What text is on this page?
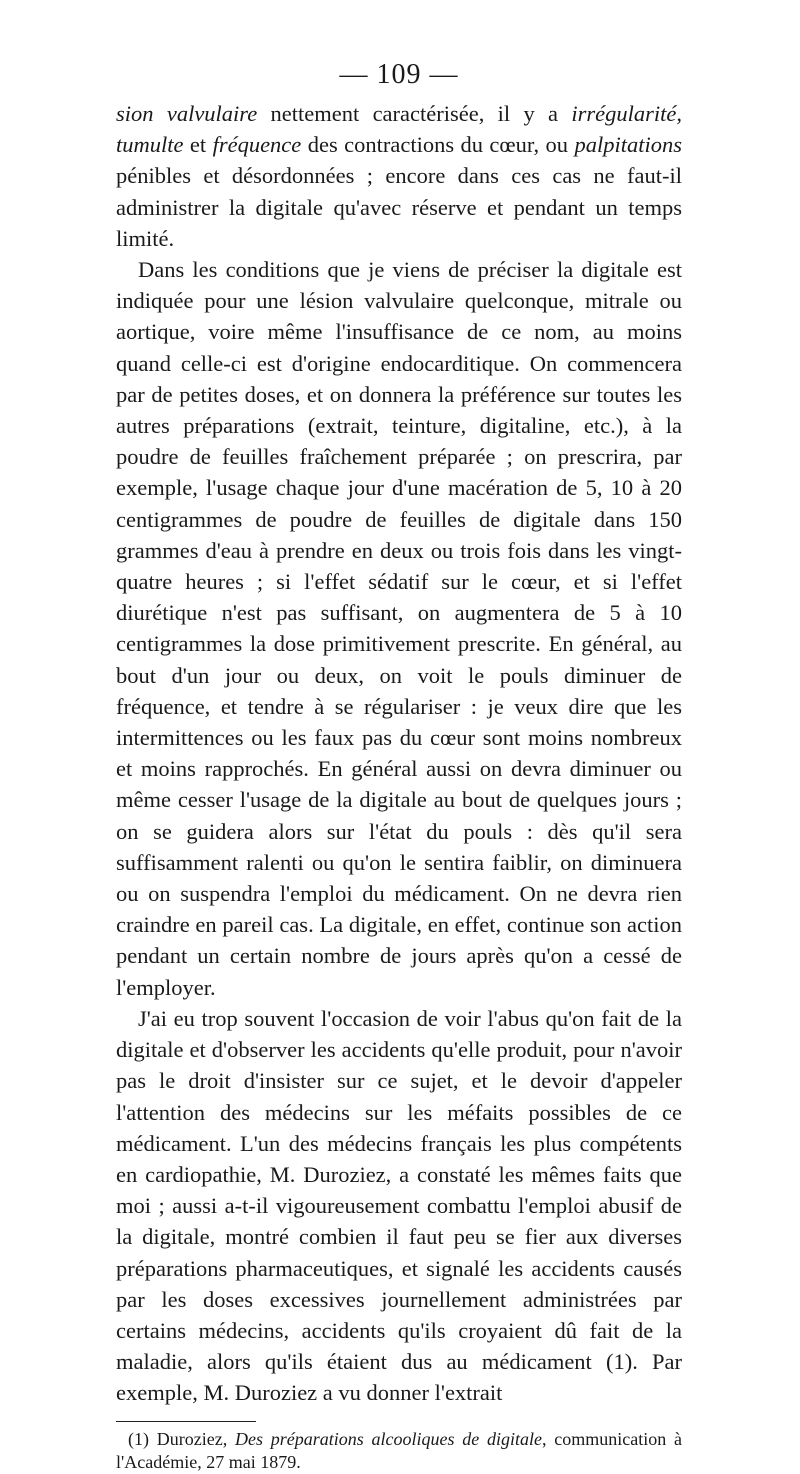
— 109 —

sion valvulaire nettement caractérisée, il y a irrégularité, tumulte et fréquence des contractions du cœur, ou palpitations pénibles et désordonnées ; encore dans ces cas ne faut-il administrer la digitale qu'avec réserve et pendant un temps limité.

Dans les conditions que je viens de préciser la digitale est indiquée pour une lésion valvulaire quelconque, mitrale ou aortique, voire même l'insuffisance de ce nom, au moins quand celle-ci est d'origine endocarditique. On commencera par de petites doses, et on donnera la préférence sur toutes les autres préparations (extrait, teinture, digitaline, etc.), à la poudre de feuilles fraîchement préparée ; on prescrira, par exemple, l'usage chaque jour d'une macération de 5, 10 à 20 centigrammes de poudre de feuilles de digitale dans 150 grammes d'eau à prendre en deux ou trois fois dans les vingt-quatre heures ; si l'effet sédatif sur le cœur, et si l'effet diurétique n'est pas suffisant, on augmentera de 5 à 10 centigrammes la dose primitivement prescrite. En général, au bout d'un jour ou deux, on voit le pouls diminuer de fréquence, et tendre à se régulariser : je veux dire que les intermittences ou les faux pas du cœur sont moins nombreux et moins rapprochés. En général aussi on devra diminuer ou même cesser l'usage de la digitale au bout de quelques jours ; on se guidera alors sur l'état du pouls : dès qu'il sera suffisamment ralenti ou qu'on le sentira faiblir, on diminuera ou on suspendra l'emploi du médicament. On ne devra rien craindre en pareil cas. La digitale, en effet, continue son action pendant un certain nombre de jours après qu'on a cessé de l'employer.

J'ai eu trop souvent l'occasion de voir l'abus qu'on fait de la digitale et d'observer les accidents qu'elle produit, pour n'avoir pas le droit d'insister sur ce sujet, et le devoir d'appeler l'attention des médecins sur les méfaits possibles de ce médicament. L'un des médecins français les plus compétents en cardiopathie, M. Duroziez, a constaté les mêmes faits que moi ; aussi a-t-il vigoureusement combattu l'emploi abusif de la digitale, montré combien il faut peu se fier aux diverses préparations pharmaceutiques, et signalé les accidents causés par les doses excessives journellement administrées par certains médecins, accidents qu'ils croyaient dû fait de la maladie, alors qu'ils étaient dus au médicament (1). Par exemple, M. Duroziez a vu donner l'extrait

(1) Duroziez, Des préparations alcooliques de digitale, communication à l'Académie, 27 mai 1879.
